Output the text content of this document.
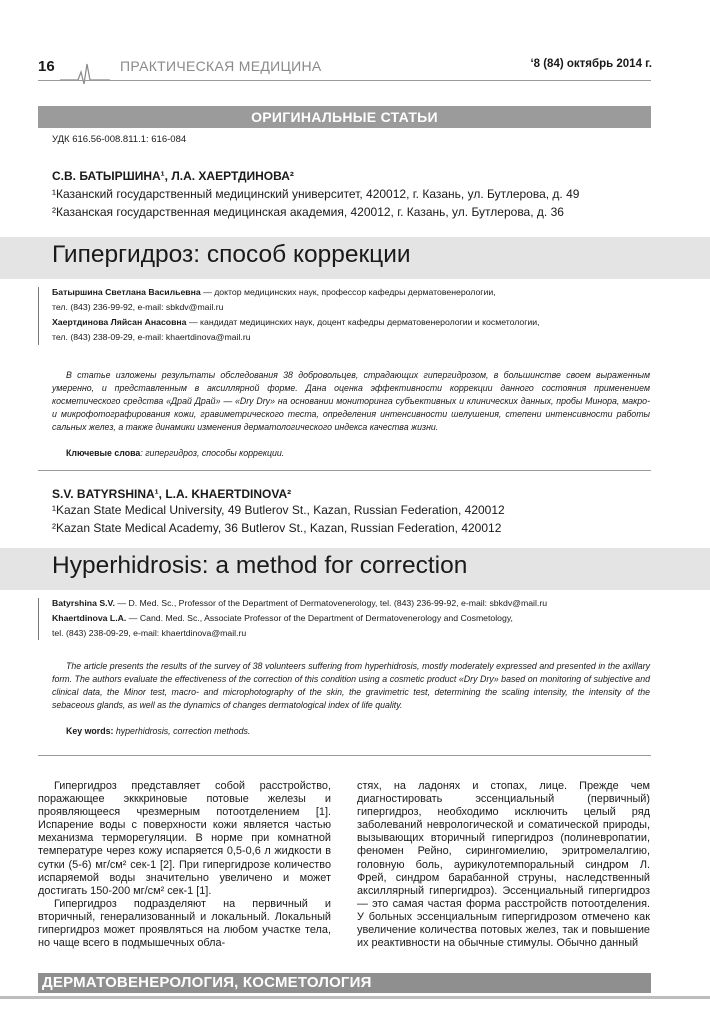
16	ПРАКТИЧЕСКАЯ МЕДИЦИНА	‘8 (84) октябрь 2014 г.
ОРИГИНАЛЬНЫЕ СТАТЬИ
УДК 616.56-008.811.1: 616-084
С.В. БАТЫРШИНА¹, Л.А. ХАЕРТДИНОВА²
¹Казанский государственный медицинский университет, 420012, г. Казань, ул. Бутлерова, д. 49
²Казанская государственная медицинская академия, 420012, г. Казань, ул. Бутлерова, д. 36
Гипергидроз: способ коррекции
Батыршина Светлана Васильевна — доктор медицинских наук, профессор кафедры дерматовенерологии,
тел. (843) 236-99-92, e-mail: sbkdv@mail.ru
Хаертдинова Ляйсан Анасовна — кандидат медицинских наук, доцент кафедры дерматовенерологии и косметологии,
тел. (843) 238-09-29, e-mail: khaertdinova@mail.ru
В статье изложены результаты обследования 38 добровольцев, страдающих гипергидрозом, в большинстве своем выраженным умеренно, и представленным в аксиллярной форме. Дана оценка эффективности коррекции данного состояния применением косметического средства «Драй Драй» — «Dry Dry» на основании мониторинга субъективных и клинических данных, пробы Минора, макро- и микрофотографирования кожи, гравиметрического теста, определения интенсивности шелушения, степени интенсивности работы сальных желез, а также динамики изменения дерматологического индекса качества жизни.
Ключевые слова: гипергидроз, способы коррекции.
S.V. BATYRSHINA¹, L.A. KHAERTDINOVA²
¹Kazan State Medical University, 49 Butlerov St., Kazan, Russian Federation, 420012
²Kazan State Medical Academy, 36 Butlerov St., Kazan, Russian Federation, 420012
Hyperhidrosis: a method for correction
Batyrshina S.V. — D. Med. Sc., Professor of the Department of Dermatovenerology, tel. (843) 236-99-92, e-mail: sbkdv@mail.ru
Khaertdinova L.A. — Cand. Med. Sc., Associate Professor of the Department of Dermatovenerology and Cosmetology,
tel. (843) 238-09-29, e-mail: khaertdinova@mail.ru
The article presents the results of the survey of 38 volunteers suffering from hyperhidrosis, mostly moderately expressed and presented in the axillary form. The authors evaluate the effectiveness of the correction of this condition using a cosmetic product «Dry Dry» based on monitoring of subjective and clinical data, the Minor test, macro- and microphotography of the skin, the gravimetric test, determining the scaling intensity, the intensity of the sebaceous glands, as well as the dynamics of changes dermatological index of life quality.
Key words: hyperhidrosis, correction methods.

Гипергидроз представляет собой расстройство, поражающее экккриновые потовые железы и проявляющееся чрезмерным потоотделением [1]. Испарение воды с поверхности кожи является частью механизма терморегуляции. В норме при комнатной температуре через кожу испаряется 0,5-0,6 л жидкости в сутки (5-6) мг/см² сек-1 [2]. При гипергидрозе количество испаряемой воды значительно увеличено и может достигать 150-200 мг/см² сек-1 [1].

Гипергидроз подразделяют на первичный и вторичный, генерализованный и локальный. Локальный гипергидроз может проявляться на любом участке тела, но чаще всего в подмышечных обла-

стях, на ладонях и стопах, лице. Прежде чем диагностировать эссенциальный (первичный) гипергидроз, необходимо исключить целый ряд заболеваний неврологической и соматической природы, вызывающих вторичный гипергидроз (полиневропатии, феномен Рейно, сирингомиелию, эритромелалгию, головную боль, аурикулотемпоральный синдром Л. Фрей, синдром барабанной струны, наследственный аксиллярный гипергидроз). Эссенциальный гипергидроз — это самая частая форма расстройств потоотделения. У больных эссенциальным гипергидрозом отмечено как увеличение количества потовых желез, так и повышение их реактивности на обычные стимулы. Обычно данный

ДЕРМАТОВЕНЕРОЛОГИЯ, КОСМЕТОЛОГИЯ
